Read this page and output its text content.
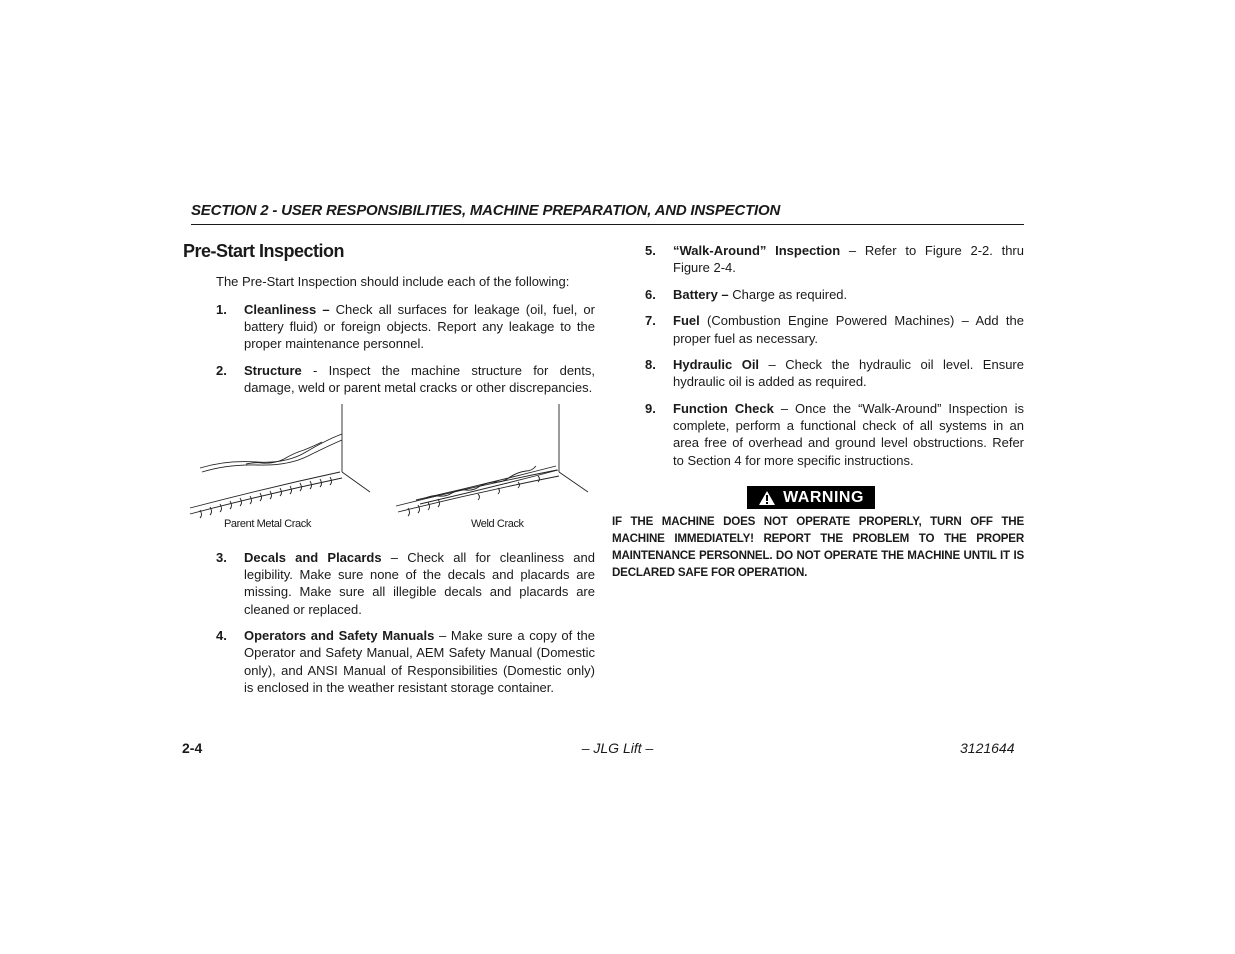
SECTION 2 - USER RESPONSIBILITIES, MACHINE PREPARATION, AND INSPECTION
Pre-Start Inspection

The Pre-Start Inspection should include each of the following:

1. Cleanliness – Check all surfaces for leakage (oil, fuel, or battery fluid) or foreign objects. Report any leakage to the proper maintenance personnel.
2. Structure - Inspect the machine structure for dents, damage, weld or parent metal cracks or other discrepancies.
Parent Metal Crack	Weld Crack
3. Decals and Placards – Check all for cleanliness and legibility. Make sure none of the decals and placards are missing. Make sure all illegible decals and placards are cleaned or replaced.
4. Operators and Safety Manuals – Make sure a copy of the Operator and Safety Manual, AEM Safety Manual (Domestic only), and ANSI Manual of Responsibilities (Domestic only) is enclosed in the weather resistant storage container.
5. “Walk-Around” Inspection – Refer to Figure 2-2. thru Figure 2-4.
6. Battery – Charge as required.
7. Fuel (Combustion Engine Powered Machines) – Add the proper fuel as necessary.
8. Hydraulic Oil – Check the hydraulic oil level. Ensure hydraulic oil is added as required.
9. Function Check – Once the “Walk-Around” Inspection is complete, perform a functional check of all systems in an area free of overhead and ground level obstructions. Refer to Section 4 for more specific instructions.
WARNING

IF THE MACHINE DOES NOT OPERATE PROPERLY, TURN OFF THE MACHINE IMMEDIATELY! REPORT THE PROBLEM TO THE PROPER MAINTENANCE PERSONNEL. DO NOT OPERATE THE MACHINE UNTIL IT IS DECLARED SAFE FOR OPERATION.

2-4	– JLG Lift –	3121644
